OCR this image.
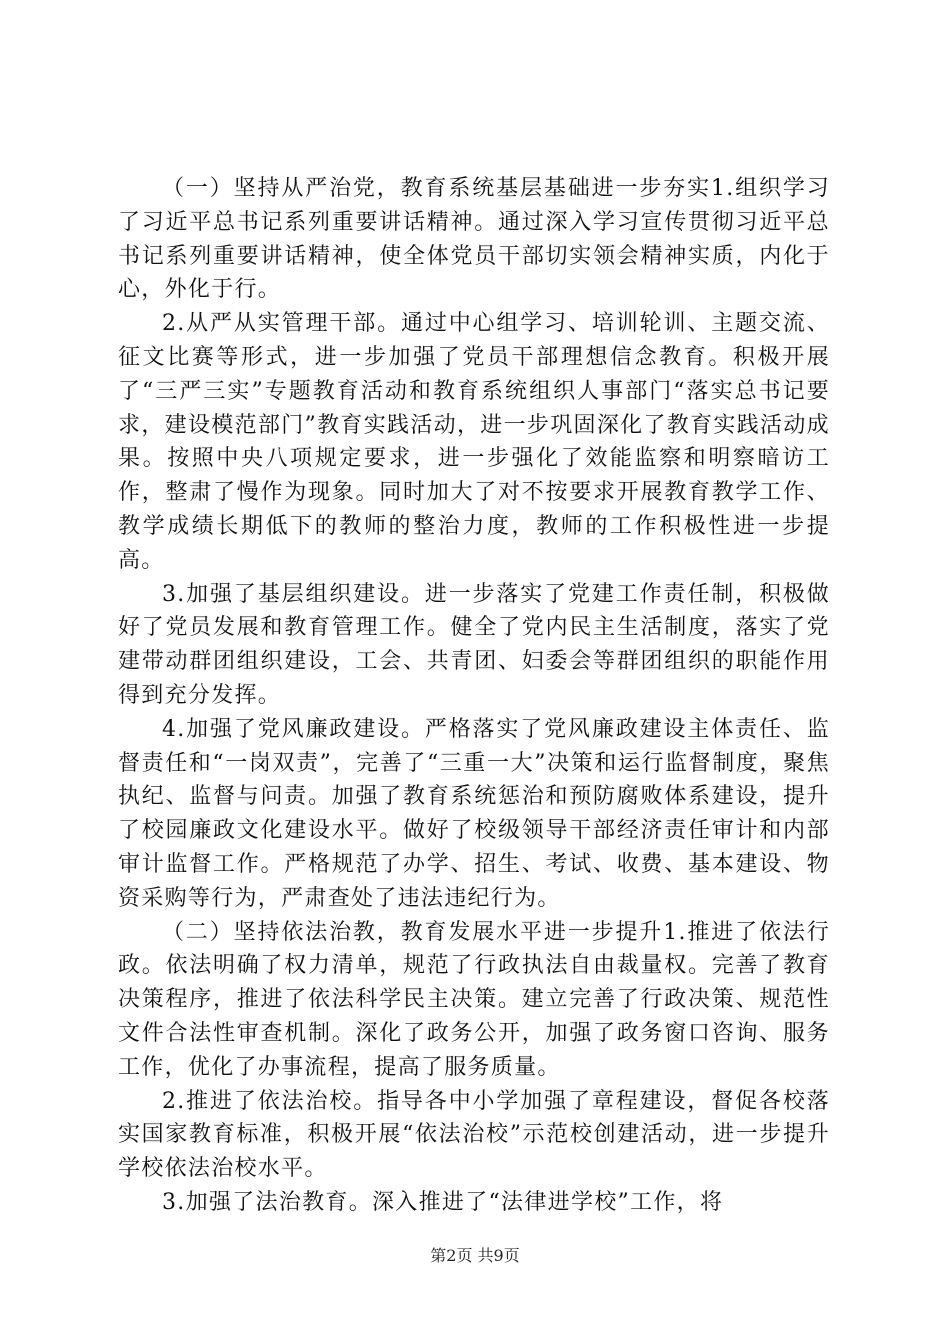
（一）坚持从严治党，教育系统基层基础进一步夯实1.组织学习了习近平总书记系列重要讲话精神。通过深入学习宣传贯彻习近平总书记系列重要讲话精神，使全体党员干部切实领会精神实质，内化于心，外化于行。

2.从严从实管理干部。通过中心组学习、培训轮训、主题交流、征文比赛等形式，进一步加强了党员干部理想信念教育。积极开展了“三严三实”专题教育活动和教育系统组织人事部门“落实总书记要求，建设模范部门”教育实践活动，进一步巩固深化了教育实践活动成果。按照中央八项规定要求，进一步强化了效能监察和明察暗访工作，整肃了慢作为现象。同时加大了对不按要求开展教育教学工作、教学成绩长期低下的教师的整治力度，教师的工作积极性进一步提高。

3.加强了基层组织建设。进一步落实了党建工作责任制，积极做好了党员发展和教育管理工作。健全了党内民主生活制度，落实了党建带动群团组织建设，工会、共青团、妇委会等群团组织的职能作用得到充分发挥。

4.加强了党风廉政建设。严格落实了党风廉政建设主体责任、监督责任和“一岗双责”，完善了“三重一大”决策和运行监督制度，聚焦执纪、监督与问责。加强了教育系统惩治和预防腐败体系建设，提升了校园廉政文化建设水平。做好了校级领导干部经济责任审计和内部审计监督工作。严格规范了办学、招生、考试、收费、基本建设、物资采购等行为，严肃查处了违法违纪行为。

（二）坚持依法治教，教育发展水平进一步提升1.推进了依法行政。依法明确了权力清单，规范了行政执法自由裁量权。完善了教育决策程序，推进了依法科学民主决策。建立完善了行政决策、规范性文件合法性审查机制。深化了政务公开，加强了政务窗口咨询、服务工作，优化了办事流程，提高了服务质量。

2.推进了依法治校。指导各中小学加强了章程建设，督促各校落实国家教育标准，积极开展“依法治校”示范校创建活动，进一步提升学校依法治校水平。

3.加强了法治教育。深入推进了“法律进学校”工作，将

第2页 共9页
